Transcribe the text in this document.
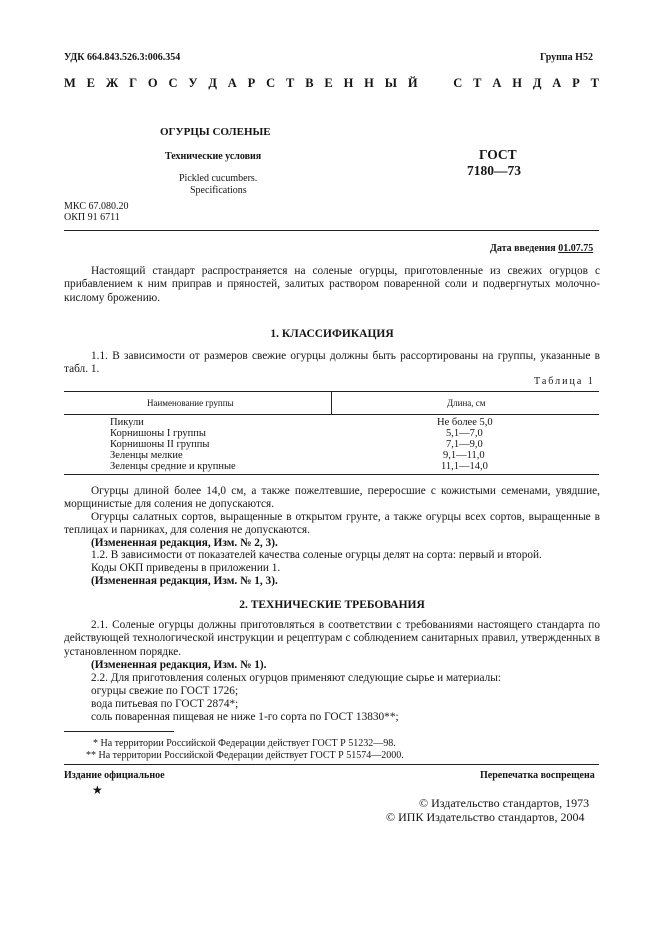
УДК 664.843.526.3:006.354	Группа Н52
М Е Ж Г О С У Д А Р С Т В Е Н Н Ы Й	С Т А Н Д А Р Т
ОГУРЦЫ СОЛЕНЫЕ
Технические условия
Pickled cucumbers.
Specifications
ГОСТ
7180—73
МКС 67.080.20
ОКП 91 6711
Дата введения 01.07.75
Настоящий стандарт распространяется на соленые огурцы, приготовленные из свежих огурцов с прибавлением к ним приправ и пряностей, залитых раствором поваренной соли и подвергнутых молочно-кислому брожению.
1. КЛАССИФИКАЦИЯ
1.1. В зависимости от размеров свежие огурцы должны быть рассортированы на группы, указанные в табл. 1.
Таблица 1
Наименование группы	Длина, см
Пикули	Не более 5,0
Корнишоны I группы	5,1—7,0
Корнишоны II группы	7,1—9,0
Зеленцы мелкие	9,1—11,0
Зеленцы средние и крупные	11,1—14,0
Огурцы длиной более 14,0 см, а также пожелтевшие, переросшие с кожистыми семенами, увядшие, морщинистые для соления не допускаются.
Огурцы салатных сортов, выращенные в открытом грунте, а также огурцы всех сортов, выращенные в теплицах и парниках, для соления не допускаются.
(Измененная редакция, Изм. № 2, 3).
1.2. В зависимости от показателей качества соленые огурцы делят на сорта: первый и второй.
Коды ОКП приведены в приложении 1.
(Измененная редакция, Изм. № 1, 3).
2. ТЕХНИЧЕСКИЕ ТРЕБОВАНИЯ
2.1. Соленые огурцы должны приготовляться в соответствии с требованиями настоящего стандарта по действующей технологической инструкции и рецептурам с соблюдением санитарных правил, утвержденных в установленном порядке.
(Измененная редакция, Изм. № 1).
2.2. Для приготовления соленых огурцов применяют следующие сырье и материалы:
огурцы свежие по ГОСТ 1726;
вода питьевая по ГОСТ 2874*;
соль поваренная пищевая не ниже 1-го сорта по ГОСТ 13830**;
* На территории Российской Федерации действует ГОСТ Р 51232—98.
** На территории Российской Федерации действует ГОСТ Р 51574—2000.
Издание официальное	Перепечатка воспрещена
★
© Издательство стандартов, 1973
© ИПК Издательство стандартов, 2004
